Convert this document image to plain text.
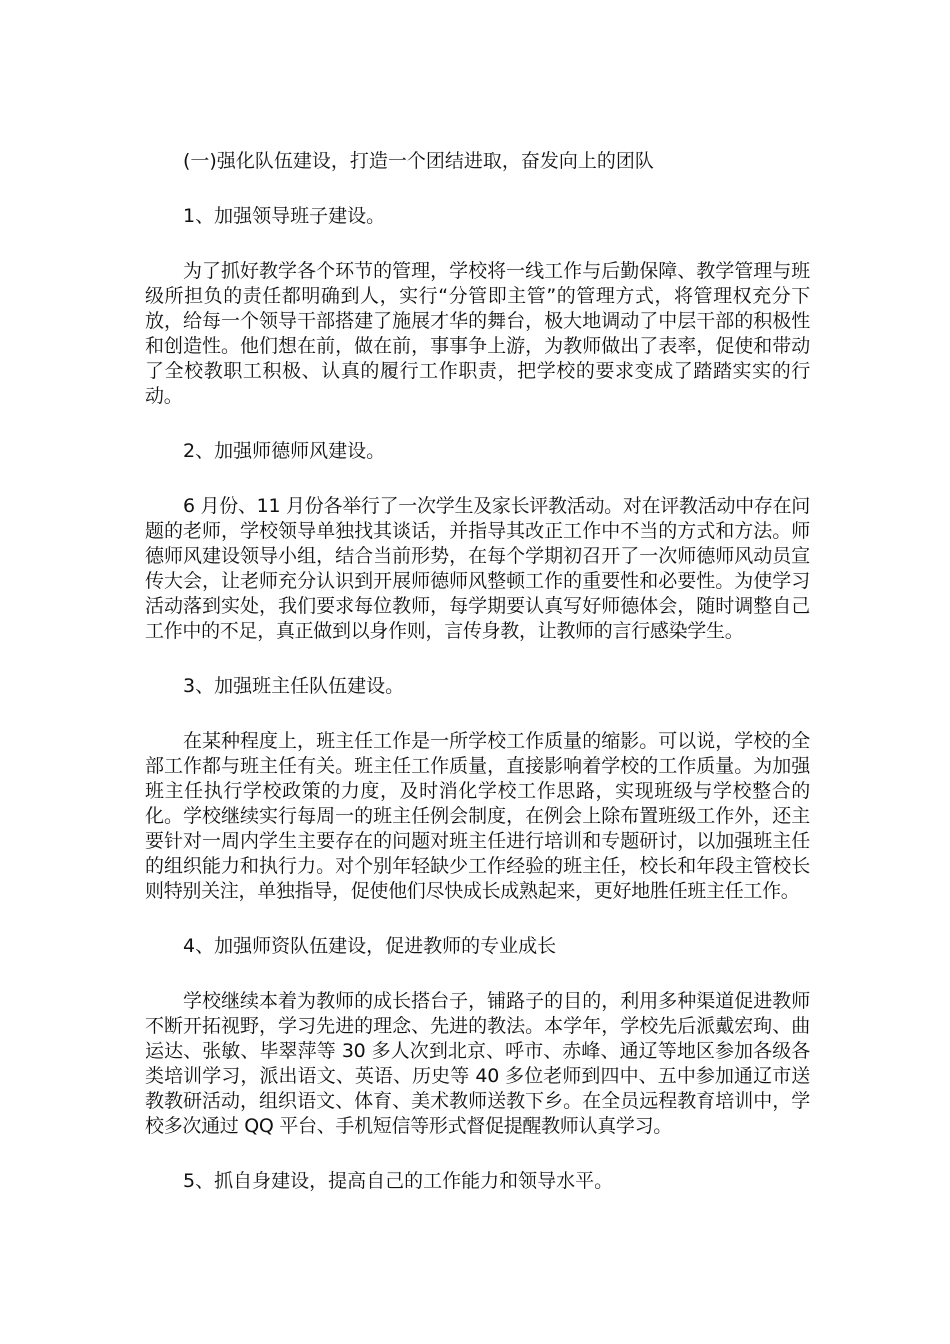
(一)强化队伍建设，打造一个团结进取，奋发向上的团队

1、加强领导班子建设。

为了抓好教学各个环节的管理，学校将一线工作与后勤保障、教学管理与班级所担负的责任都明确到人，实行“分管即主管”的管理方式，将管理权充分下放，给每一个领导干部搭建了施展才华的舞台，极大地调动了中层干部的积极性和创造性。他们想在前，做在前，事事争上游，为教师做出了表率，促使和带动了全校教职工积极、认真的履行工作职责，把学校的要求变成了踏踏实实的行动。

2、加强师德师风建设。

6 月份、11 月份各举行了一次学生及家长评教活动。对在评教活动中存在问题的老师，学校领导单独找其谈话，并指导其改正工作中不当的方式和方法。师德师风建设领导小组，结合当前形势，在每个学期初召开了一次师德师风动员宣传大会，让老师充分认识到开展师德师风整顿工作的重要性和必要性。为使学习活动落到实处，我们要求每位教师，每学期要认真写好师德体会，随时调整自己工作中的不足，真正做到以身作则，言传身教，让教师的言行感染学生。

3、加强班主任队伍建设。

在某种程度上，班主任工作是一所学校工作质量的缩影。可以说，学校的全部工作都与班主任有关。班主任工作质量，直接影响着学校的工作质量。为加强班主任执行学校政策的力度，及时消化学校工作思路，实现班级与学校整合的化。学校继续实行每周一的班主任例会制度，在例会上除布置班级工作外，还主要针对一周内学生主要存在的问题对班主任进行培训和专题研讨，以加强班主任的组织能力和执行力。对个别年轻缺少工作经验的班主任，校长和年段主管校长则特别关注，单独指导，促使他们尽快成长成熟起来，更好地胜任班主任工作。

4、加强师资队伍建设，促进教师的专业成长

学校继续本着为教师的成长搭台子，铺路子的目的，利用多种渠道促进教师不断开拓视野，学习先进的理念、先进的教法。本学年，学校先后派戴宏珣、曲运达、张敏、毕翠萍等 30 多人次到北京、呼市、赤峰、通辽等地区参加各级各类培训学习，派出语文、英语、历史等 40 多位老师到四中、五中参加通辽市送教教研活动，组织语文、体育、美术教师送教下乡。在全员远程教育培训中，学校多次通过 QQ 平台、手机短信等形式督促提醒教师认真学习。

5、抓自身建设，提高自己的工作能力和领导水平。
